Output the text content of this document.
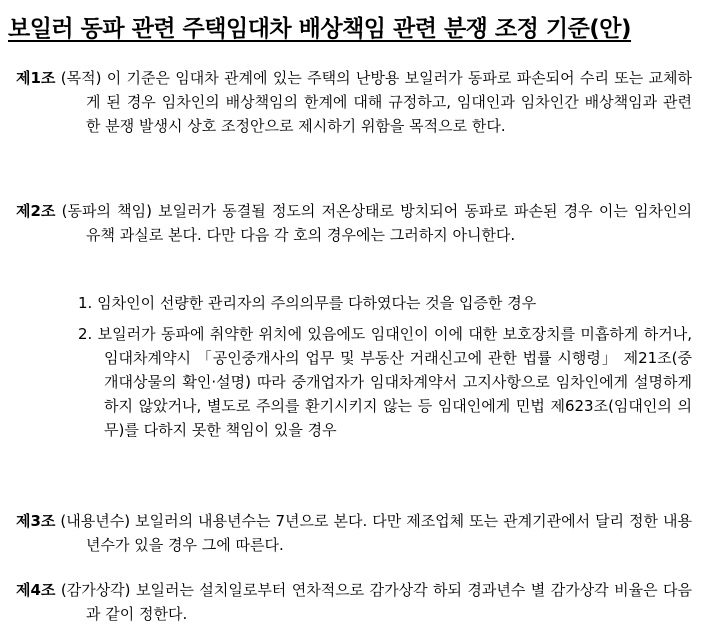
보일러 동파 관련 주택임대차 배상책임 관련 분쟁 조정 기준(안)
제1조 (목적) 이 기준은 임대차 관계에 있는 주택의 난방용 보일러가 동파로 파손되어 수리 또는 교체하게 된 경우 임차인의 배상책임의 한계에 대해 규정하고, 임대인과 임차인간 배상책임과 관련한 분쟁 발생시 상호 조정안으로 제시하기 위함을 목적으로 한다.
제2조 (동파의 책임) 보일러가 동결될 정도의 저온상태로 방치되어 동파로 파손된 경우 이는 임차인의 유책 과실로 본다. 다만 다음 각 호의 경우에는 그러하지 아니한다.
1. 임차인이 선량한 관리자의 주의의무를 다하였다는 것을 입증한 경우
2. 보일러가 동파에 취약한 위치에 있음에도 임대인이 이에 대한 보호장치를 미흡하게 하거나, 임대차계약시 「공인중개사의 업무 및 부동산 거래신고에 관한 법률 시행령」 제21조(중개대상물의 확인·설명) 따라 중개업자가 임대차계약서 고지사항으로 임차인에게 설명하게 하지 않았거나, 별도로 주의를 환기시키지 않는 등 임대인에게 민법 제623조(임대인의 의무)를 다하지 못한 책임이 있을 경우
제3조 (내용년수) 보일러의 내용년수는 7년으로 본다. 다만 제조업체 또는 관계기관에서 달리 정한 내용년수가 있을 경우 그에 따른다.
제4조 (감가상각) 보일러는 설치일로부터 연차적으로 감가상각 하되 경과년수 별 감가상각 비율은 다음과 같이 정한다.
